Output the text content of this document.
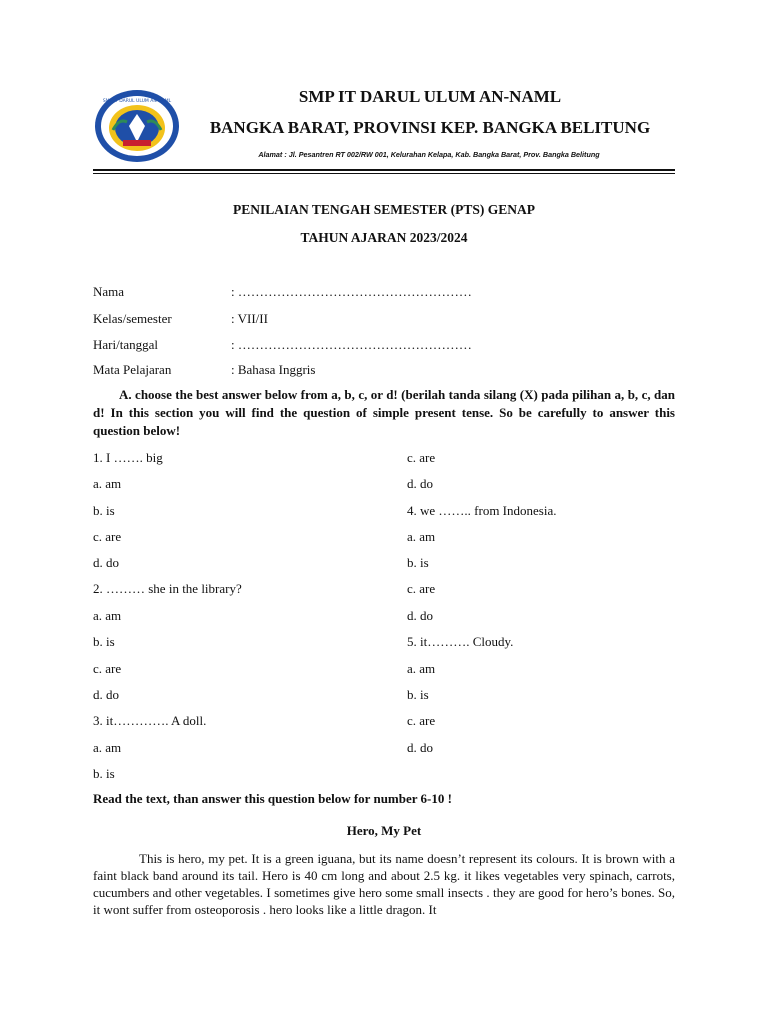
SMP IT DARUL ULUM AN-NAML	SMP IT DARUL ULUM AN-NAML
BANGKA BARAT, PROVINSI KEP. BANGKA BELITUNG
Alamat : Jl. Pesantren RT 002/RW 001, Kelurahan Kelapa, Kab. Bangka Barat, Prov. Bangka Belitung
PENILAIAN TENGAH SEMESTER (PTS) GENAP
TAHUN AJARAN 2023/2024
Nama	: ………………………………………………
Kelas/semester	: VII/II
Hari/tanggal	: ………………………………………………
Mata Pelajaran	: Bahasa Inggris
A. choose the best answer below from a, b, c, or d! (berilah tanda silang (X) pada pilihan a, b, c, dan d! In this section you will find the question of simple present tense. So be carefully to answer this question below!
1. I ……. big
a. am
b. is
c. are
d. do
2. ……… she in the library?
a. am
b. is
c. are
d. do
3. it…………. A doll.
a. am
b. is
c. are
d. do
4. we …….. from Indonesia.
a. am
b. is
c. are
d. do
5. it………. Cloudy.
a. am
b. is
c. are
d. do
Read the text, than answer this question below for number 6-10 !
Hero, My Pet
This is hero, my pet. It is a green iguana, but its name doesn’t represent its colours. It is brown with a faint black band around its tail. Hero is 40 cm long and about 2.5 kg. it likes vegetables very spinach, carrots, cucumbers and other vegetables. I sometimes give hero some small insects . they are good for hero’s bones. So, it wont suffer from osteoporosis . hero looks like a little dragon. It
